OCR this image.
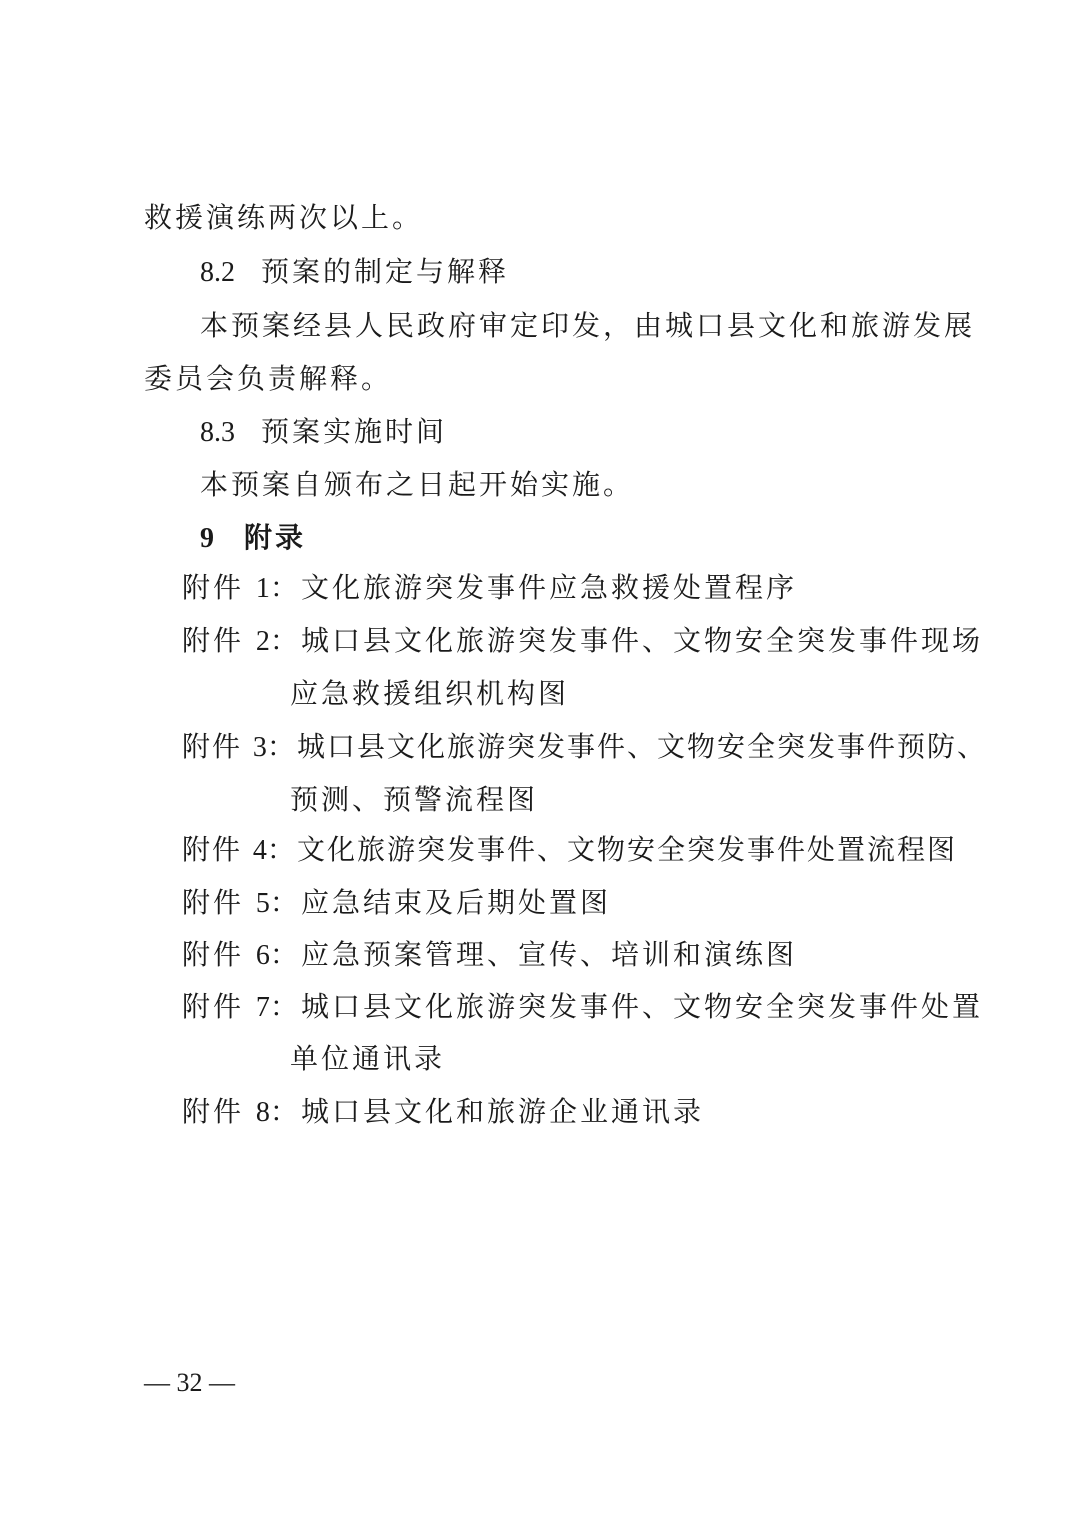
救援演练两次以上。
8.2 预案的制定与解释
本预案经县人民政府审定印发，由城口县文化和旅游发展
委员会负责解释。
8.3 预案实施时间
本预案自颁布之日起开始实施。
9 附录
附件 1：文化旅游突发事件应急救援处置程序
附件 2：城口县文化旅游突发事件、文物安全突发事件现场
应急救援组织机构图
附件 3：城口县文化旅游突发事件、文物安全突发事件预防、
预测、预警流程图
附件 4：文化旅游突发事件、文物安全突发事件处置流程图
附件 5：应急结束及后期处置图
附件 6：应急预案管理、宣传、培训和演练图
附件 7：城口县文化旅游突发事件、文物安全突发事件处置
单位通讯录
附件 8：城口县文化和旅游企业通讯录
— 32 —
